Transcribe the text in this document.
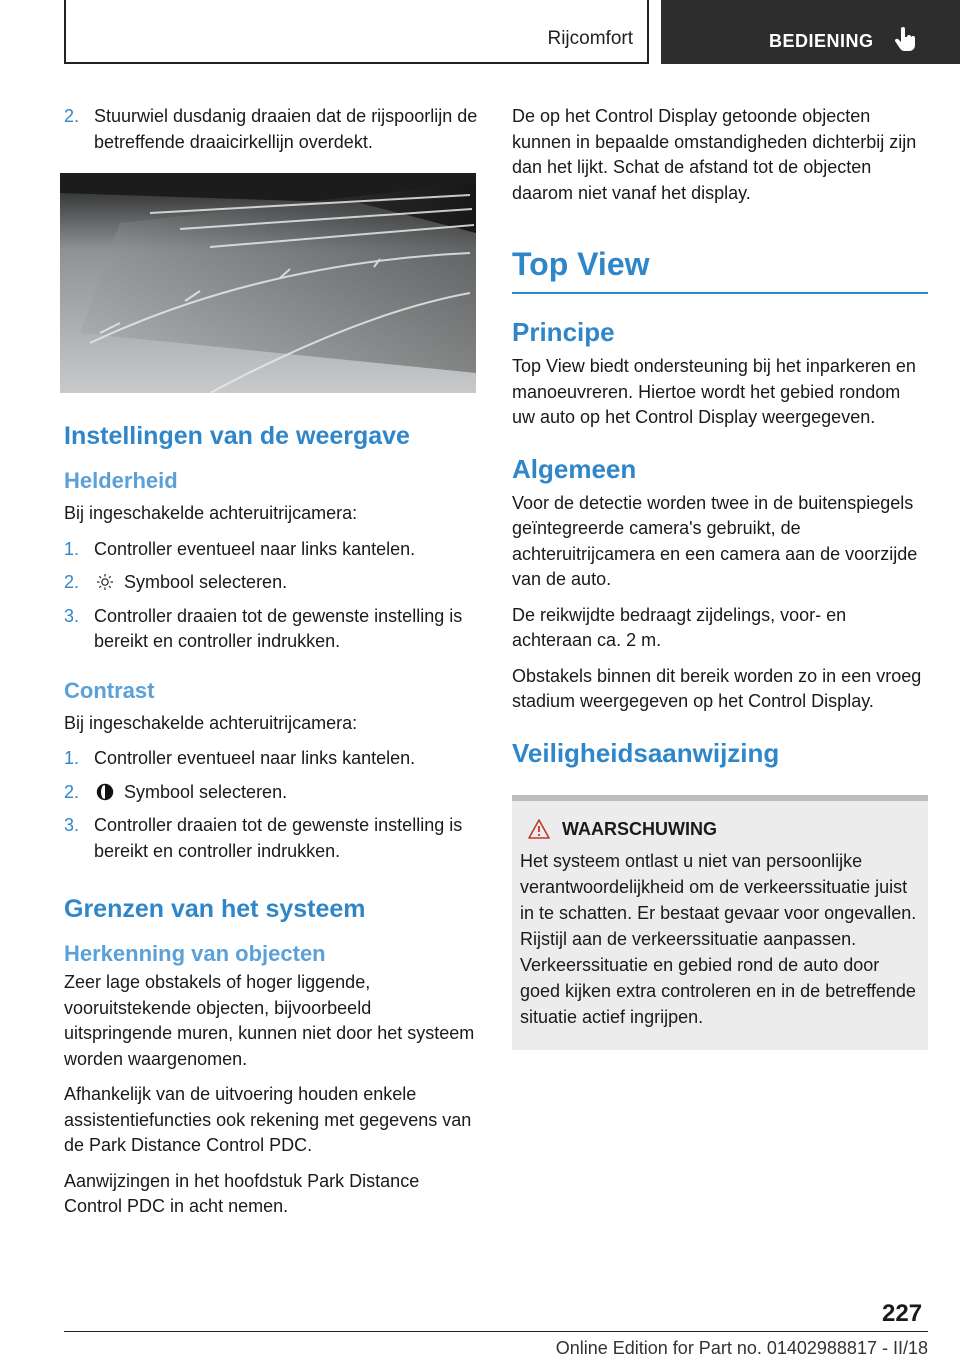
Rijcomfort	BEDIENING
2. Stuurwiel dusdanig draaien dat de rijspoorlijn de betreffende draaicirkellijn overdekt.
Instellingen van de weergave
Helderheid

Bij ingeschakelde achteruitrijcamera:

1. Controller eventueel naar links kantelen.
2.	Symbool selecteren.
3. Controller draaien tot de gewenste instelling is bereikt en controller indrukken.
Contrast

Bij ingeschakelde achteruitrijcamera:

1. Controller eventueel naar links kantelen.
2.	Symbool selecteren.
3. Controller draaien tot de gewenste instelling is bereikt en controller indrukken.
Grenzen van het systeem
Herkenning van objecten

Zeer lage obstakels of hoger liggende, vooruitstekende objecten, bijvoorbeeld uitspringende muren, kunnen niet door het systeem worden waargenomen.

Afhankelijk van de uitvoering houden enkele assistentiefuncties ook rekening met gegevens van de Park Distance Control PDC.

Aanwijzingen in het hoofdstuk Park Distance Control PDC in acht nemen.

De op het Control Display getoonde objecten kunnen in bepaalde omstandigheden dichterbij zijn dan het lijkt. Schat de afstand tot de objecten daarom niet vanaf het display.

Top View
Principe

Top View biedt ondersteuning bij het inparkeren en manoeuvreren. Hiertoe wordt het gebied rondom uw auto op het Control Display weergegeven.

Algemeen

Voor de detectie worden twee in de buitenspiegels geïntegreerde camera's gebruikt, de achteruitrijcamera en een camera aan de voorzijde van de auto.

De reikwijdte bedraagt zijdelings, voor- en achteraan ca. 2 m.

Obstakels binnen dit bereik worden zo in een vroeg stadium weergegeven op het Control Display.

Veiligheidsaanwijzing
WAARSCHUWING

Het systeem ontlast u niet van persoonlijke verantwoordelijkheid om de verkeerssituatie juist in te schatten. Er bestaat gevaar voor ongevallen. Rijstijl aan de verkeerssituatie aanpassen. Verkeerssituatie en gebied rond de auto door goed kijken extra controleren en in de betreffende situatie actief ingrijpen.

227
Online Edition for Part no. 01402988817 - II/18
